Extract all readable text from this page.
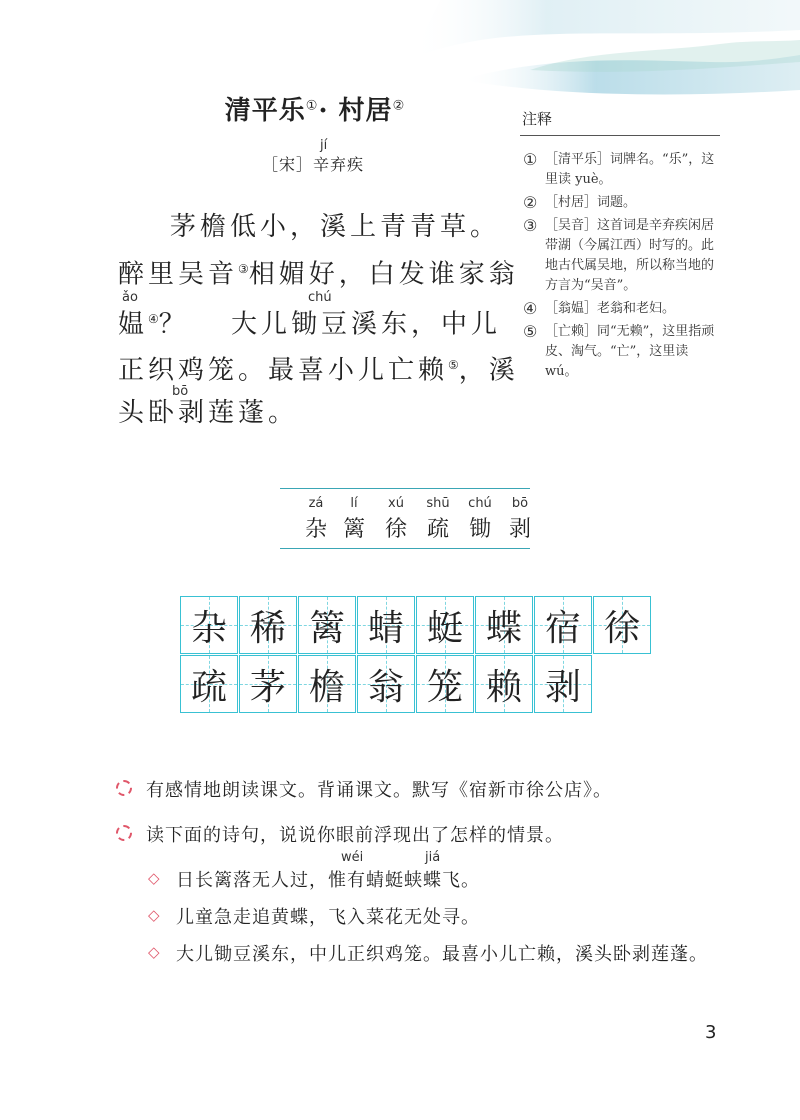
清平乐①· 村居②
jí
［宋］辛弃疾
茅檐低小，溪上青青草。
醉里吴音③相媚好，白发谁家翁
ǎo	chú
媪④？　 大儿锄豆溪东，中儿
正织鸡笼。最喜小儿亡赖⑤，溪
bō
头卧剥莲蓬。
注释
① ［清平乐］词牌名。“乐”，这里读 yuè。
② ［村居］词题。
③ ［吴音］这首词是辛弃疾闲居带湖（今属江西）时写的。此地古代属吴地，所以称当地的方言为“吴音”。
④ ［翁媪］老翁和老妇。
⑤ ［亡赖］同“无赖”，这里指顽皮、淘气。“亡”，这里读 wú。
zá
杂
lí
篱
xú
徐
shū
疏
chú
锄
bō
剥
杂 稀 篱 蜻 蜓 蝶 宿 徐
疏 茅 檐 翁 笼 赖 剥
有感情地朗读课文。背诵课文。默写《宿新市徐公店》。
读下面的诗句，说说你眼前浮现出了怎样的情景。
◇
wéi	jiá
日长篱落无人过，惟有蜻蜓蛱蝶飞。
◇ 儿童急走追黄蝶，飞入菜花无处寻。
◇ 大儿锄豆溪东，中儿正织鸡笼。最喜小儿亡赖，溪头卧剥莲蓬。
3
